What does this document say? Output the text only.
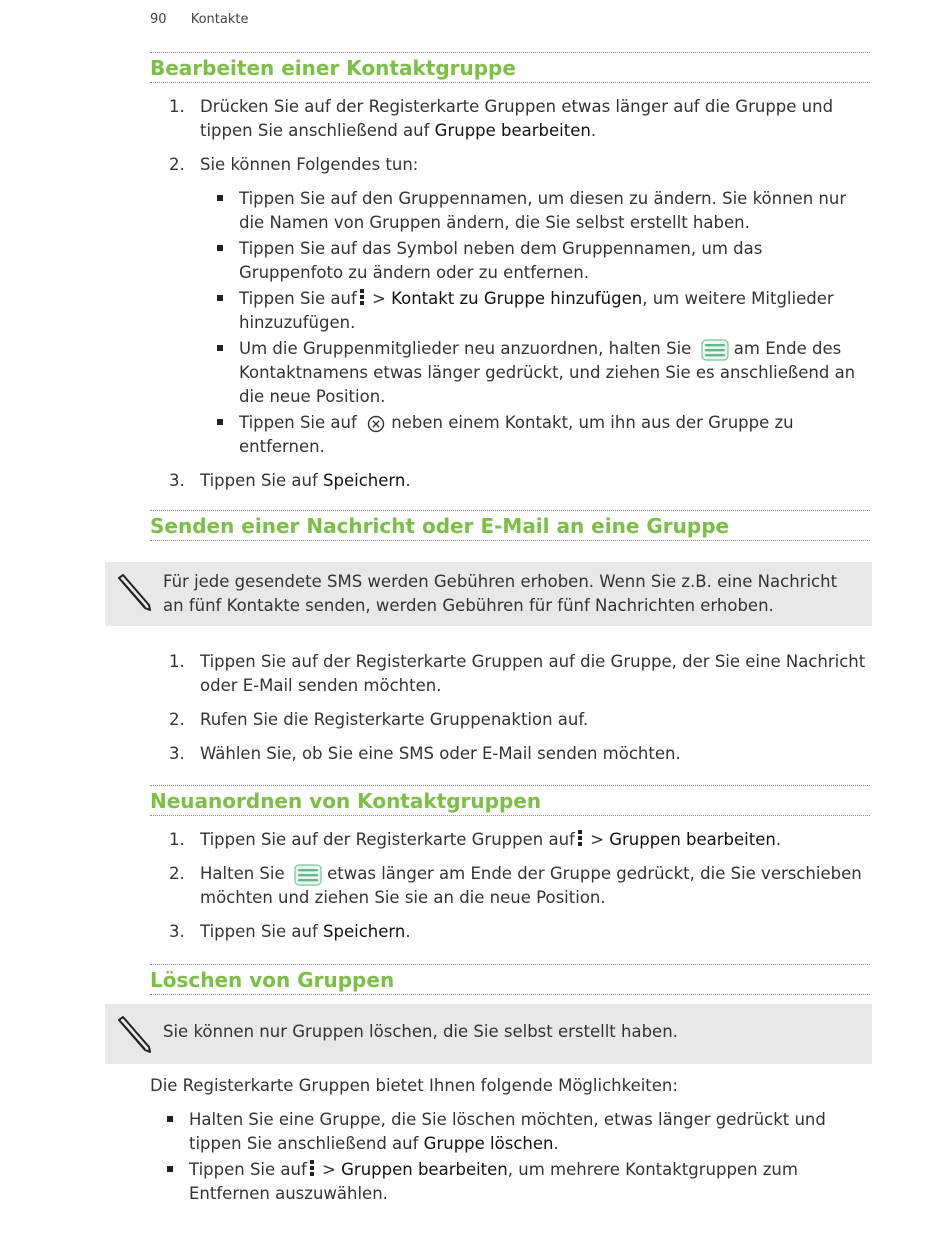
90 Kontakte
Bearbeiten einer Kontaktgruppe
1. Drücken Sie auf der Registerkarte Gruppen etwas länger auf die Gruppe und tippen Sie anschließend auf Gruppe bearbeiten.
2. Sie können Folgendes tun:
Tippen Sie auf den Gruppennamen, um diesen zu ändern. Sie können nur die Namen von Gruppen ändern, die Sie selbst erstellt haben.
Tippen Sie auf das Symbol neben dem Gruppennamen, um das Gruppenfoto zu ändern oder zu entfernen.
Tippen Sie auf
> Kontakt zu Gruppe hinzufügen, um weitere Mitglieder hinzuzufügen.
Um die Gruppenmitglieder neu anzuordnen, halten Sie  am Ende des Kontaktnamens etwas länger gedrückt, und ziehen Sie es anschließend an die neue Position.
Tippen Sie auf  neben einem Kontakt, um ihn aus der Gruppe zu entfernen.
3. Tippen Sie auf Speichern.
Senden einer Nachricht oder E-Mail an eine Gruppe
Für jede gesendete SMS werden Gebühren erhoben. Wenn Sie z.B. eine Nachricht an fünf Kontakte senden, werden Gebühren für fünf Nachrichten erhoben.
1. Tippen Sie auf der Registerkarte Gruppen auf die Gruppe, der Sie eine Nachricht oder E-Mail senden möchten.
2. Rufen Sie die Registerkarte Gruppenaktion auf.
3. Wählen Sie, ob Sie eine SMS oder E-Mail senden möchten.
Neuanordnen von Kontaktgruppen
1. Tippen Sie auf der Registerkarte Gruppen auf
> Gruppen bearbeiten.
2. Halten Sie  etwas länger am Ende der Gruppe gedrückt, die Sie verschieben möchten und ziehen Sie sie an die neue Position.
3. Tippen Sie auf Speichern.
Löschen von Gruppen
Sie können nur Gruppen löschen, die Sie selbst erstellt haben.
Die Registerkarte Gruppen bietet Ihnen folgende Möglichkeiten:
Halten Sie eine Gruppe, die Sie löschen möchten, etwas länger gedrückt und tippen Sie anschließend auf Gruppe löschen.
Tippen Sie auf
> Gruppen bearbeiten, um mehrere Kontaktgruppen zum Entfernen auszuwählen.
